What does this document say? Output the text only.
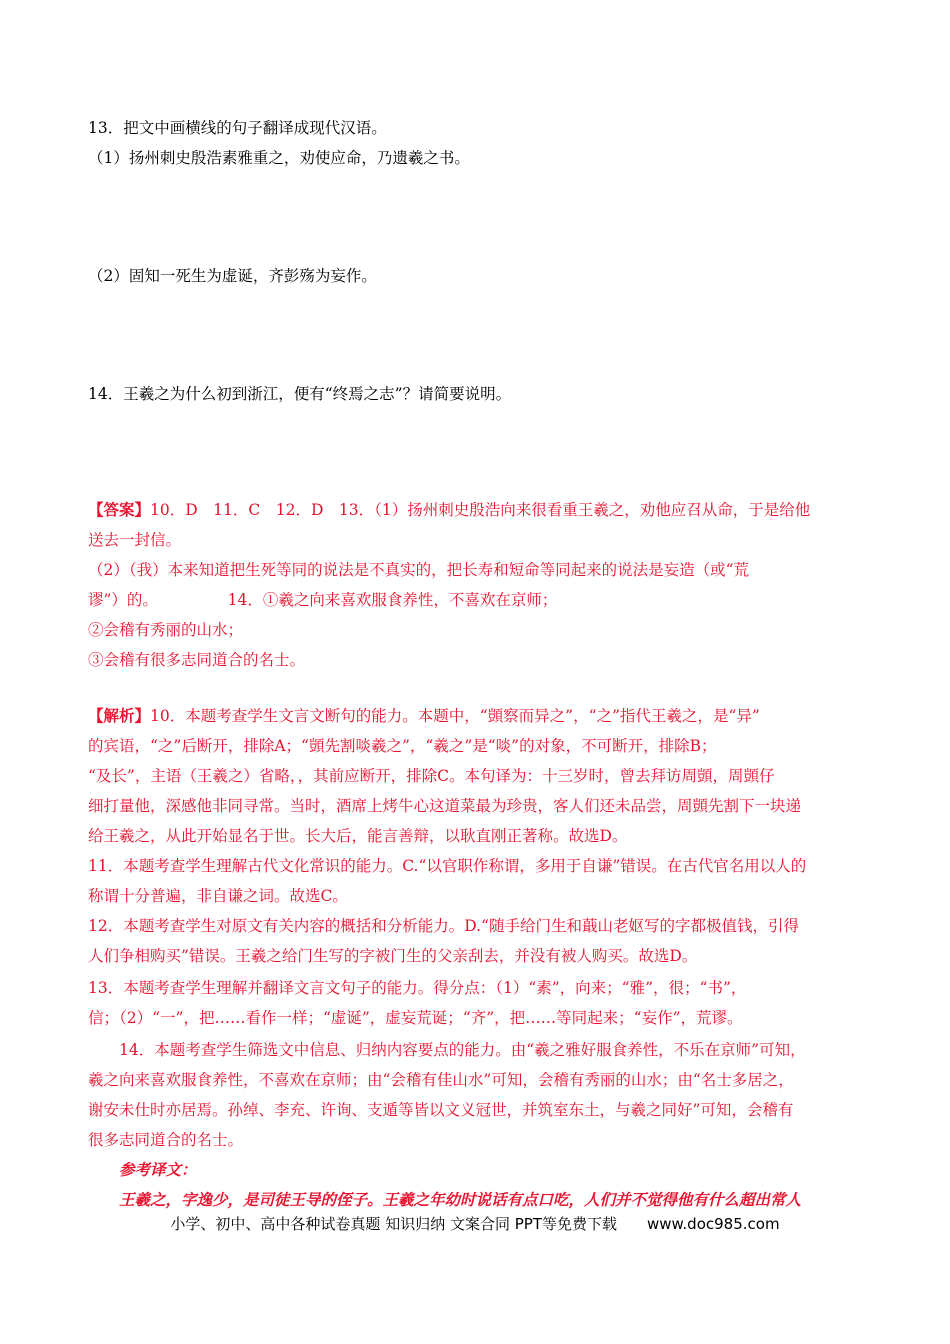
13．把文中画横线的句子翻译成现代汉语。
（1）扬州刺史殷浩素雅重之，劝使应命，乃遗羲之书。
（2）固知一死生为虚诞，齐彭殇为妄作。
14．王羲之为什么初到浙江，便有“终焉之志”？请简要说明。
【答案】10．D　11．C　12．D　13．（1）扬州刺史殷浩向来很看重王羲之，劝他应召从命，于是给他
送去一封信。
（2）（我）本来知道把生死等同的说法是不真实的，把长寿和短命等同起来的说法是妄造（或“荒
谬”）的。　　　　　14．①羲之向来喜欢服食养性，不喜欢在京师；
②会稽有秀丽的山水；
③会稽有很多志同道合的名士。
【解析】10．本题考查学生文言文断句的能力。本题中，“顗察而异之”，“之”指代王羲之，是“异”
的宾语，“之”后断开，排除A；“顗先割啖羲之”，“羲之”是“啖”的对象，不可断开，排除B；
“及长”，主语（王羲之）省略，，其前应断开，排除C。本句译为：十三岁时，曾去拜访周顗，周顗仔
细打量他，深感他非同寻常。当时，酒席上烤牛心这道菜最为珍贵，客人们还未品尝，周顗先割下一块递
给王羲之，从此开始显名于世。长大后，能言善辩，以耿直刚正著称。故选D。
11．本题考查学生理解古代文化常识的能力。C.“以官职作称谓，多用于自谦”错误。在古代官名用以人的
称谓十分普遍，非自谦之词。故选C。
12．本题考查学生对原文有关内容的概括和分析能力。D.“随手给门生和蕺山老妪写的字都极值钱，引得
人们争相购买”错误。王羲之给门生写的字被门生的父亲刮去，并没有被人购买。故选D。
13．本题考查学生理解并翻译文言文句子的能力。得分点：（1）“素”，向来；“雅”，很；“书”，
信；（2）“一”，把……看作一样；“虚诞”，虚妄荒诞；“齐”，把……等同起来；“妄作”，荒谬。
　　14．本题考查学生筛选文中信息、归纳内容要点的能力。由“羲之雅好服食养性，不乐在京师”可知，
羲之向来喜欢服食养性，不喜欢在京师；由“会稽有佳山水”可知，会稽有秀丽的山水；由“名士多居之，
谢安未仕时亦居焉。孙绰、李充、许询、支遁等皆以文义冠世，并筑室东土，与羲之同好”可知，会稽有
很多志同道合的名士。
　　参考译文：
　　王羲之，字逸少，是司徒王导的侄子。王羲之年幼时说话有点口吃，人们并不觉得他有什么超出常人
小学、初中、高中各种试卷真题 知识归纳 文案合同 PPT等免费下载　　www.doc985.com
